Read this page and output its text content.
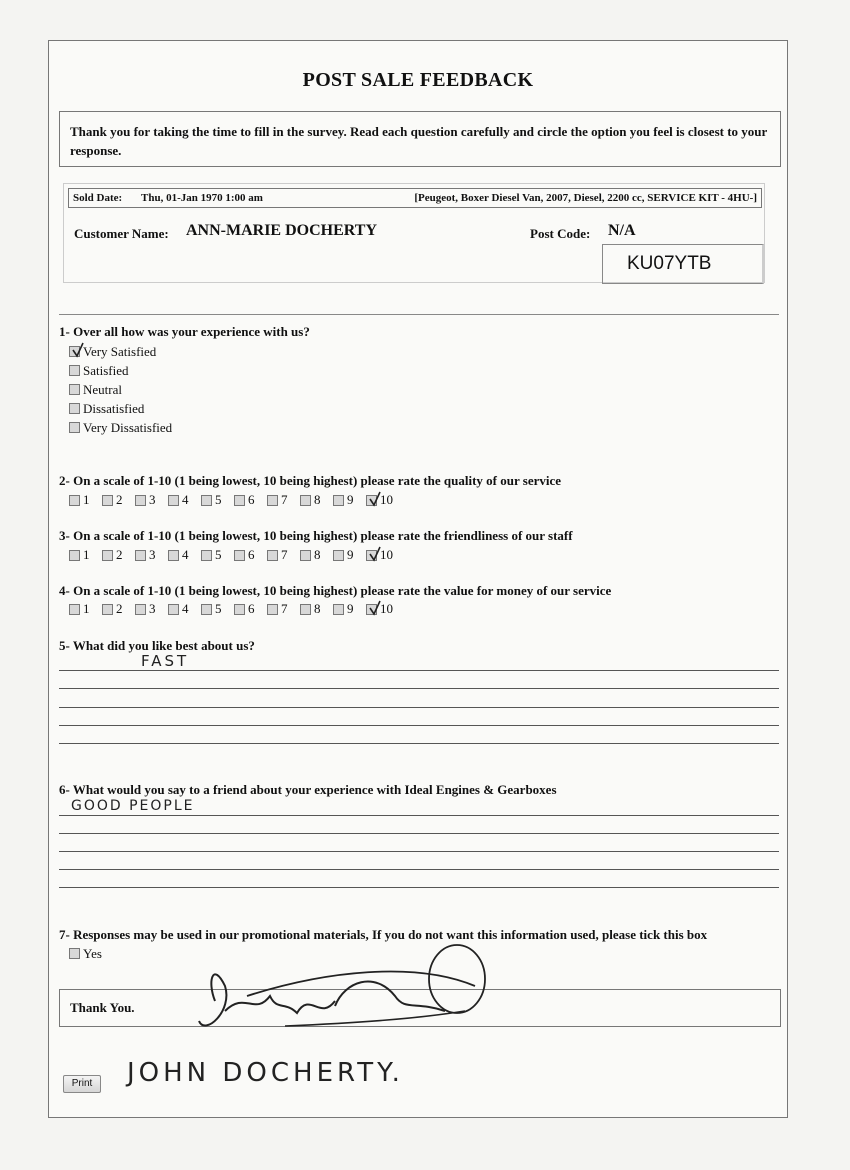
POST SALE FEEDBACK
Thank you for taking the time to fill in the survey. Read each question carefully and circle the option you feel is closest to your response.
Sold Date: Thu, 01-Jan 1970 1:00 am	[Peugeot, Boxer Diesel Van, 2007, Diesel, 2200 cc, SERVICE KIT - 4HU-]
Customer Name: ANN-MARIE DOCHERTY	Post Code: N/A
KU07YTB
1- Over all how was your experience with us?
Very Satisfied
Satisfied
Neutral
Dissatisfied
Very Dissatisfied
2- On a scale of 1-10 (1 being lowest, 10 being highest) please rate the quality of our service
1 2 3 4 5 6 7 8 9 10
3- On a scale of 1-10 (1 being lowest, 10 being highest) please rate the friendliness of our staff
1 2 3 4 5 6 7 8 9 10
4- On a scale of 1-10 (1 being lowest, 10 being highest) please rate the value for money of our service
1 2 3 4 5 6 7 8 9 10
5- What did you like best about us?
FAST
6- What would you say to a friend about your experience with Ideal Engines & Gearboxes
GOOD PEOPLE
7- Responses may be used in our promotional materials, If you do not want this information used, please tick this box
Yes
Thank You.
JOHN DOCHERTY.
Print
